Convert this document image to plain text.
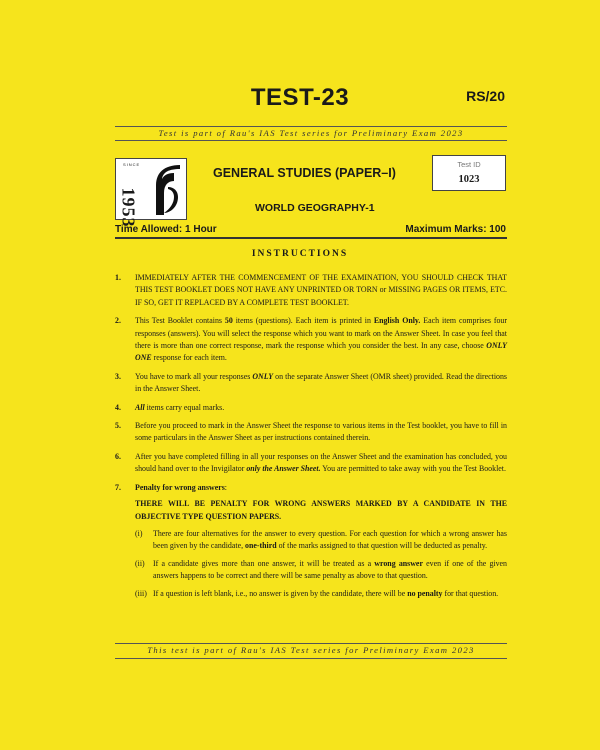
TEST-23	RS/20
Test is part of Rau's IAS Test series for Preliminary Exam 2023
SINCE
1953
GENERAL STUDIES (PAPER–I)
WORLD GEOGRAPHY-1
Test ID
1023
Time Allowed: 1 Hour	Maximum Marks: 100
INSTRUCTIONS
1. IMMEDIATELY AFTER THE COMMENCEMENT OF THE EXAMINATION, YOU SHOULD CHECK THAT THIS TEST BOOKLET DOES NOT HAVE ANY UNPRINTED OR TORN or MISSING PAGES OR ITEMS, ETC. IF SO, GET IT REPLACED BY A COMPLETE TEST BOOKLET.
2. This Test Booklet contains 50 items (questions). Each item is printed in English Only. Each item comprises four responses (answers). You will select the response which you want to mark on the Answer Sheet. In case you feel that there is more than one correct response, mark the response which you consider the best. In any case, choose ONLY ONE response for each item.
3. You have to mark all your responses ONLY on the separate Answer Sheet (OMR sheet) provided. Read the directions in the Answer Sheet.
4. All items carry equal marks.
5. Before you proceed to mark in the Answer Sheet the response to various items in the Test booklet, you have to fill in some particulars in the Answer Sheet as per instructions contained therein.
6. After you have completed filling in all your responses on the Answer Sheet and the examination has concluded, you should hand over to the Invigilator only the Answer Sheet. You are permitted to take away with you the Test Booklet.
7. Penalty for wrong answers:
THERE WILL BE PENALTY FOR WRONG ANSWERS MARKED BY A CANDIDATE IN THE OBJECTIVE TYPE QUESTION PAPERS.
(i) There are four alternatives for the answer to every question. For each question for which a wrong answer has been given by the candidate, one-third of the marks assigned to that question will be deducted as penalty.
(ii) If a candidate gives more than one answer, it will be treated as a wrong answer even if one of the given answers happens to be correct and there will be same penalty as above to that question.
(iii) If a question is left blank, i.e., no answer is given by the candidate, there will be no penalty for that question.
This test is part of Rau's IAS Test series for Preliminary Exam 2023
